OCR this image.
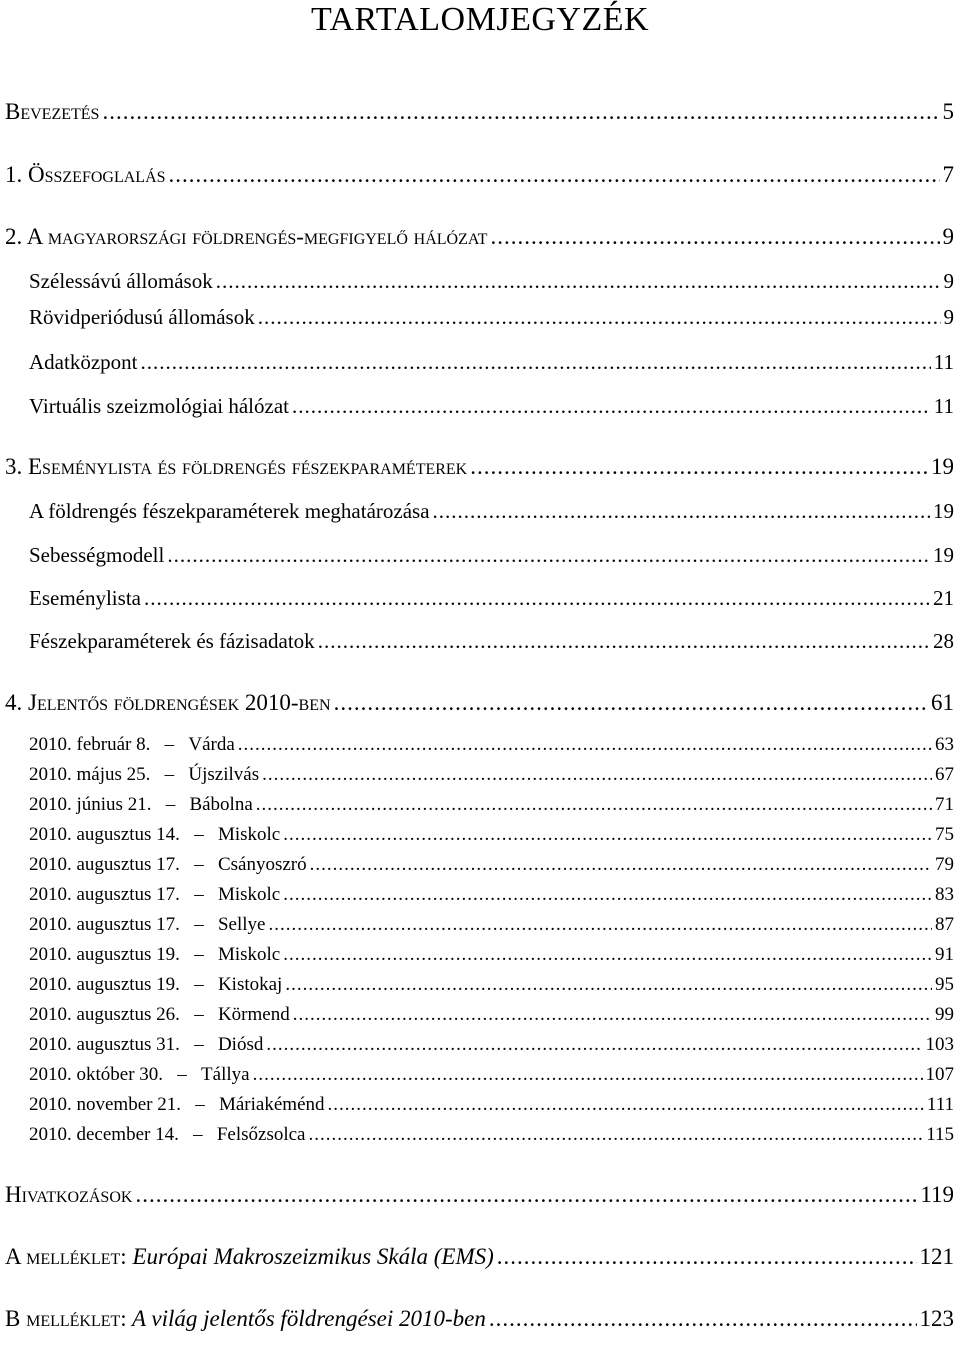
TARTALOMJEGYZÉK
Bevezetés .....	5
1. Összefoglalás .....	7
2. A magyarországi földrengés-megfigyelő hálózat .....	9
Szélessávú állomások .....	9
Rövidperiódusú állomások .....	9
Adatközpont .....	11
Virtuális szeizmológiai hálózat .....	11
3. Eseménylista és földrengés fészekparaméterek .....	19
A földrengés fészekparaméterek meghatározása .....	19
Sebességmodell .....	19
Eseménylista .....	21
Fészekparaméterek és fázisadatok .....	28
4. Jelentős földrengések 2010-ben .....	61
2010. február 8. – Várda .....	63
2010. május 25. – Újszilvás .....	67
2010. június 21. – Bábolna .....	71
2010. augusztus 14. – Miskolc .....	75
2010. augusztus 17. – Csányoszró .....	79
2010. augusztus 17. – Miskolc .....	83
2010. augusztus 17. – Sellye .....	87
2010. augusztus 19. – Miskolc .....	91
2010. augusztus 19. – Kistokaj .....	95
2010. augusztus 26. – Körmend .....	99
2010. augusztus 31. – Diósd .....	103
2010. október 30. – Tállya .....	107
2010. november 21. – Máriakéménd .....	111
2010. december 14. – Felsőzsolca .....	115
Hivatkozások .....	119
A melléklet: Európai Makroszeizmikus Skála (EMS) .....	121
B melléklet: A világ jelentős földrengései 2010-ben .....	123
